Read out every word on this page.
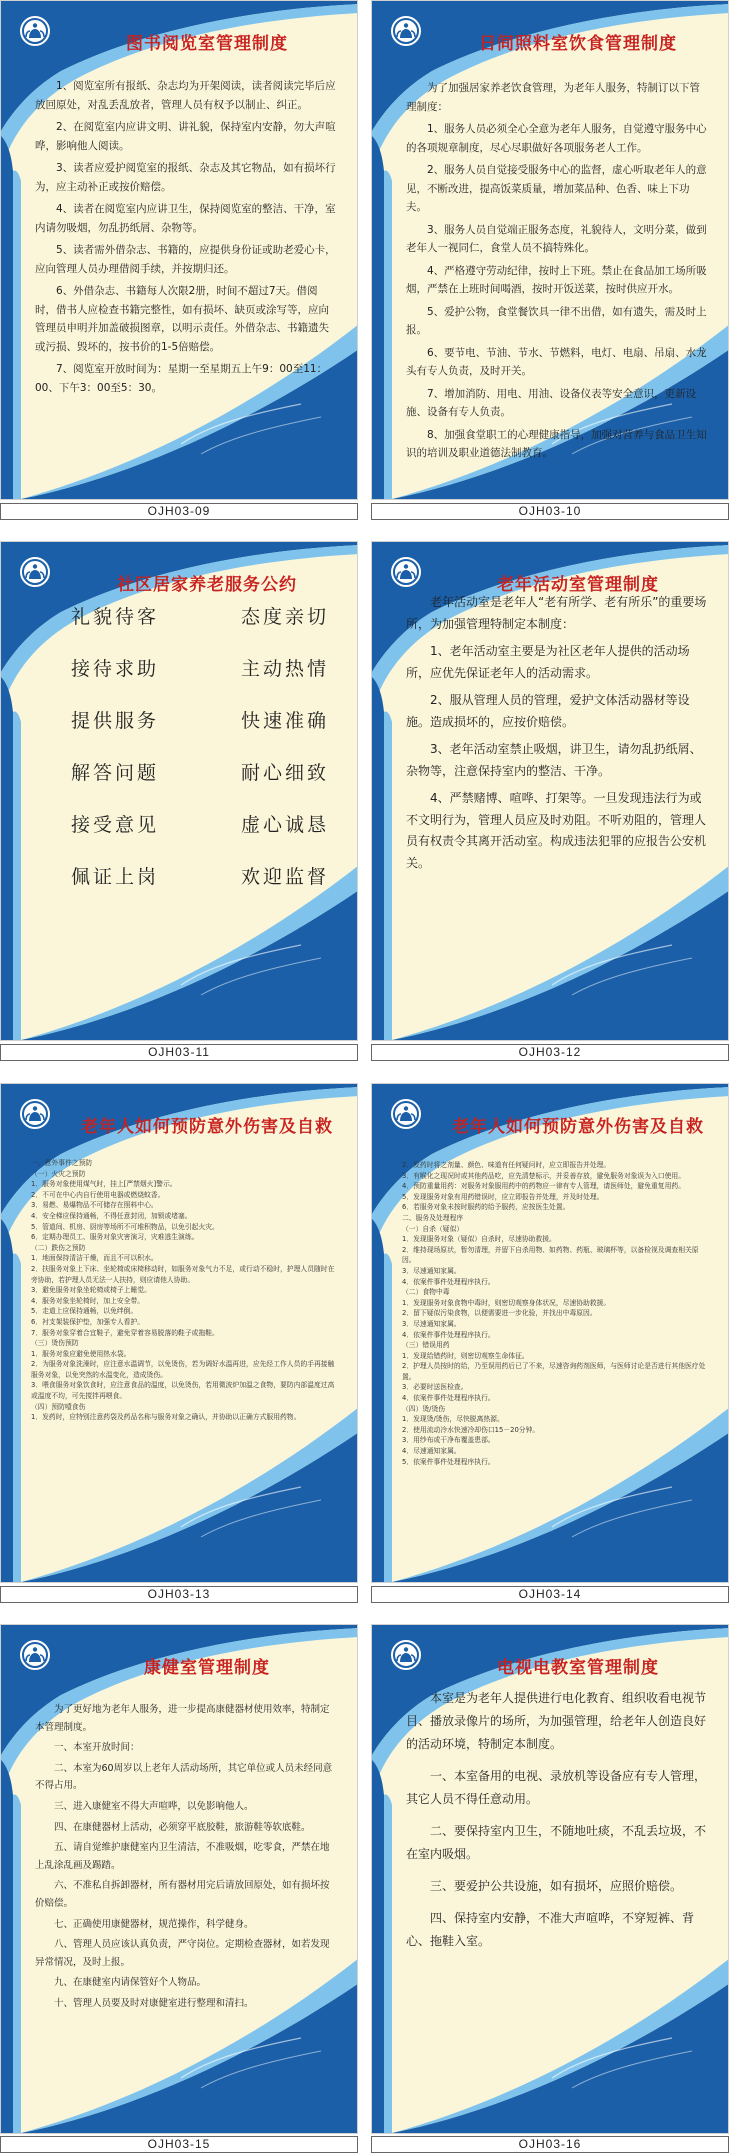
图书阅览室管理制度

1、阅览室所有报纸、杂志均为开架阅读，读者阅读完毕后应放回原处，对乱丢乱放者，管理人员有权予以制止、纠正。

2、在阅览室内应讲文明、讲礼貌，保持室内安静，勿大声喧哗，影响他人阅读。

3、读者应爱护阅览室的报纸、杂志及其它物品，如有损坏行为，应主动补正或按价赔偿。

4、读者在阅览室内应讲卫生，保持阅览室的整洁、干净，室内请勿吸烟，勿乱扔纸屑、杂物等。

5、读者需外借杂志、书籍的，应提供身份证或助老爱心卡，应向管理人员办理借阅手续，并按期归还。

6、外借杂志、书籍每人次限2册，时间不超过7天。借阅时，借书人应检查书籍完整性，如有损坏、缺页或涂写等，应向管理员申明并加盖破损图章，以明示责任。外借杂志、书籍遗失或污损、毁坏的，按书价的1-5倍赔偿。

7、阅览室开放时间为：星期一至星期五上午9：00至11：00、下午3：00至5：30。

OJH03-09
日间照料室饮食管理制度

为了加强居家养老饮食管理，为老年人服务，特制订以下管理制度：

1、服务人员必须全心全意为老年人服务，自觉遵守服务中心的各项规章制度，尽心尽职做好各项服务老人工作。

2、服务人员自觉接受服务中心的监督，虚心听取老年人的意见，不断改进，提高饭菜质量，增加菜品种、色香、味上下功夫。

3、服务人员自觉端正服务态度，礼貌待人，文明分菜，做到老年人一视同仁，食堂人员不搞特殊化。

4、严格遵守劳动纪律，按时上下班。禁止在食品加工场所吸烟，严禁在上班时间喝酒，按时开饭送菜，按时供应开水。

5、爱护公物，食堂餐饮具一律不出借，如有遗失，需及时上报。

6、要节电、节油、节水、节燃料，电灯、电扇、吊扇、水龙头有专人负责，及时开关。

7、增加消防、用电、用油、设备仪表等安全意识，更新设施、设备有专人负责。

8、加强食堂职工的心理健康指导，加强对营养与食品卫生知识的培训及职业道德法制教育。

OJH03-10
社区居家养老服务公约
礼貌待客	态度亲切
接待求助	主动热情
提供服务	快速准确
解答问题	耐心细致
接受意见	虚心诚恳
佩证上岗	欢迎监督
OJH03-11
老年活动室管理制度

老年活动室是老年人“老有所学、老有所乐”的重要场所，为加强管理特制定本制度：

1、老年活动室主要是为社区老年人提供的活动场所，应优先保证老年人的活动需求。

2、服从管理人员的管理，爱护文体活动器材等设施。造成损坏的，应按价赔偿。

3、老年活动室禁止吸烟，讲卫生，请勿乱扔纸屑、杂物等，注意保持室内的整洁、干净。

4、严禁赌博、喧哗、打架等。一旦发现违法行为或不文明行为，管理人员应及时劝阻。不听劝阻的，管理人员有权责令其离开活动室。构成违法犯罪的应报告公安机关。

OJH03-12
老年人如何预防意外伤害及自救

一、意外事件之预防

（一）火灾之预防

1．服务对象使用煤气时，挂上[严禁烟火]警示。

2．不可在中心内自行使用电器或燃烧蚊香。

3．易燃、易爆物品不可储存在照料中心。

4．安全梯应保持通畅，不得任意封闭，加锁或堵塞。

5．管道间、机房、厨房等场所不可堆积物品，以免引起火灾。

6．定期办理员工、服务对象灾害演习，灾难逃生演练。

（二）跌伤之预防

1．地面保持清洁干燥，而且不可以积水。

2．扶服务对象上下床、坐轮椅或床椅移动时，如服务对象气力不足，或行动不稳时，护理人员随时在旁协助，若护理人员无法一人扶持，则应请他人协助。

3．避免服务对象坐轮椅或椅子上睡觉。

4．服务对象坐轮椅时，加上安全带。

5．走道上应保持通畅，以免绊倒。

6．衬支架装保护垫，加强专人看护。

7．服务对象穿着合宜鞋子，避免穿着容易脱落的鞋子或拖鞋。

（三）烫伤预防

1．服务对象应避免使用热水袋。

2．为服务对象洗澡时，应注意水温调节，以免烫伤，若为调好水温再进，应先经工作人员的手再接触服务对象，以免突然的水温变化，造成烫伤。

3．喂食服务对象饮食时，应注意食品的温度，以免烫伤，若用微波炉加温之食物，要防内部温度过高或温度不均，可先搅拌再喂食。

（四）预防噎食伤

1．发药时，应特别注意药袋及药品名称与服务对象之确认，并协助以正确方式服用药物。

OJH03-13
老年人如何预防意外伤害及自救

2．发药时将之剂量、颜色、味道有任何疑问时，应立即报告并处理。

3．有喉化之现况时或其他药品吃，应先清楚标示，并妥善存放，避免服务对象误为入口使用。

4．预防重量用药：对服务对象服用药中的药物应一律有专人管理，请医师处，避免重复用药。

5．发现服务对象有用药错误时，应立即报告并处理，并及时处理。

6．若服务对象未按时服药的给予服药，应按医生处置。

二、服务及处理程序

（一）自杀（疑似）

1．发现服务对象（疑似）自杀时，尽速协助救援。

2．维持现场原状，暂勿清理，并留下自杀用物、如药物、药瓶、玻璃杯等，以备检视及调查相关原因。

3．尽速通知家属。

4．依案件事件处理程序执行。

（二）食物中毒

1．发现服务对象食物中毒时，则密切观察身体状况，尽速协助救援。

2．留下疑似污染食物，以便需要进一步化验，并找出中毒原因。

3．尽速通知家属。

4．依案件事件处理程序执行。

（三）错误用药

1．发现给错药时，则密切观察生命体征。

2．护理人员按时的给，乃至误用药后已了不来，尽速咨询药剂医师，与医师讨论是否进行其他医疗处置。

3．必要时送医检查。

4．依案件事件处理程序执行。

（四）烫/烫伤

1．发现烫/烫伤，尽快脱离热源。

2．使用流动冷水快速冷却伤口15－20分钟。

3．用纱布或干净布覆盖患部。

4．尽速通知家属。

5．依案件事件处理程序执行。

OJH03-14
康健室管理制度

为了更好地为老年人服务，进一步提高康健器材使用效率，特制定本管理制度。

一、本室开放时间：

二、本室为60周岁以上老年人活动场所，其它单位或人员未经同意不得占用。

三、进入康健室不得大声喧哗，以免影响他人。

四、在康健器材上活动，必须穿平底胶鞋，旅游鞋等软底鞋。

五、请自觉维护康健室内卫生清洁，不准吸烟，吃零食，严禁在地上乱涂乱画及踢踏。

六、不准私自拆卸器材，所有器材用完后请放回原处，如有损坏按价赔偿。

七、正确使用康健器材，规范操作，科学健身。

八、管理人员应该认真负责，严守岗位。定期检查器材，如若发现异常情况，及时上报。

九、在康健室内请保管好个人物品。

十、管理人员要及时对康健室进行整理和清扫。

OJH03-15
电视电教室管理制度

本室是为老年人提供进行电化教育、组织收看电视节目、播放录像片的场所，为加强管理，给老年人创造良好的活动环境，特制定本制度。

一、本室备用的电视、录放机等设备应有专人管理，其它人员不得任意动用。

二、要保持室内卫生，不随地吐痰，不乱丢垃圾，不在室内吸烟。

三、要爱护公共设施，如有损坏，应照价赔偿。

四、保持室内安静，不准大声喧哗，不穿短裤、背心、拖鞋入室。

OJH03-16
